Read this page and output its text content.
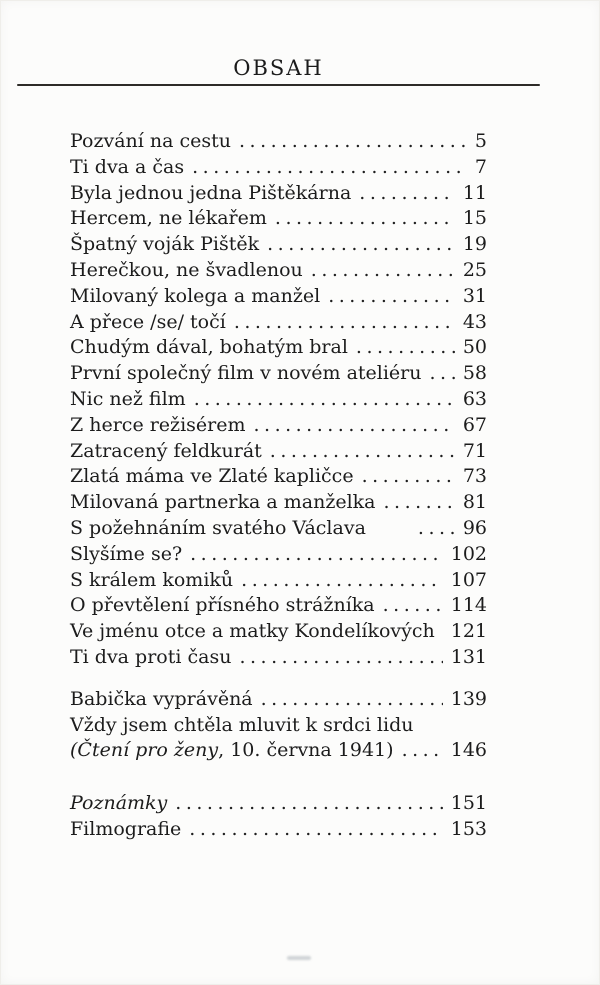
OBSAH
Pozvání na cestu .....	5
Ti dva a čas .....	7
Byla jednou jedna Pištěkárna .....	11
Hercem, ne lékařem .....	15
Špatný voják Pištěk .....	19
Herečkou, ne švadlenou .....	25
Milovaný kolega a manžel .....	31
A přece /se/ točí .....	43
Chudým dával, bohatým bral .....	50
První společný film v novém ateliéru ..... 58
Nic než film .....	63
Z herce režisérem .....	67
Zatracený feldkurát .....	71
Zlatá máma ve Zlaté kapličce .....	73
Milovaná partnerka a manželka .....	81
S požehnáním svatého Václava .....	96
Slyšíme se? .....	102
S králem komiků .....	107
O převtělení přísného strážníka .....	114
Ve jménu otce a matky Kondelíkových 121
Ti dva proti času .....	131
Babička vyprávěná .....	139
Vždy jsem chtěla mluvit k srdci lidu
(Čtení pro ženy, 10. června 1941) .....	146
Poznámky .....	151
Filmografie .....	153
